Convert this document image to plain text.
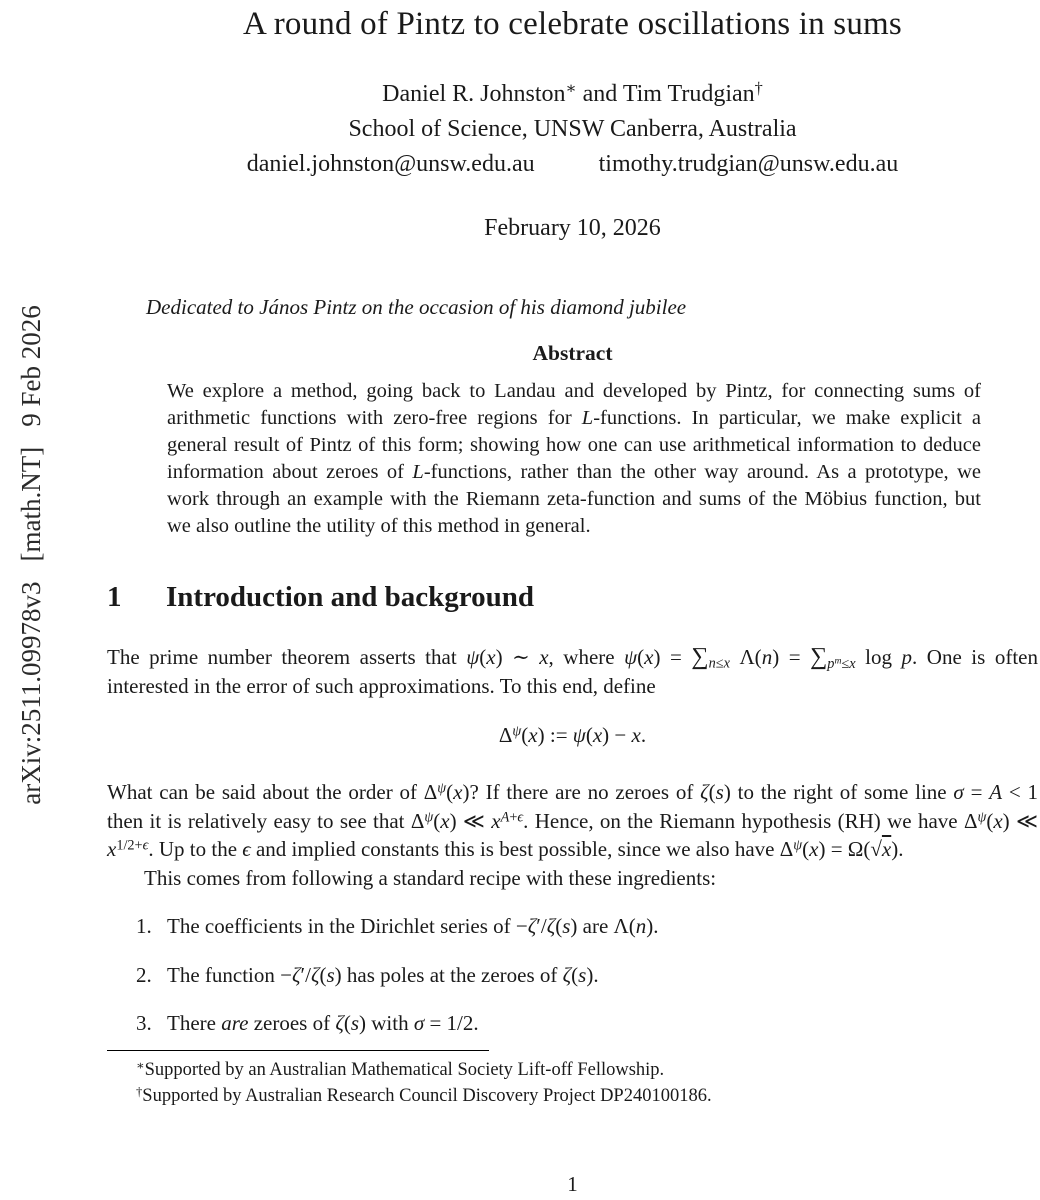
arXiv:2511.09978v3
[math.NT]
9 Feb 2026
A round of Pintz to celebrate oscillations in sums
Daniel R. Johnston∗ and Tim Trudgian†
School of Science, UNSW Canberra, Australia
daniel.johnston@unsw.edu.au	timothy.trudgian@unsw.edu.au
February 10, 2026
Dedicated to János Pintz on the occasion of his diamond jubilee
Abstract
We explore a method, going back to Landau and developed by Pintz, for connecting sums of arithmetic functions with zero-free regions for L-functions. In particular, we make explicit a general result of Pintz of this form; showing how one can use arithmetical information to deduce information about zeroes of L-functions, rather than the other way around. As a prototype, we work through an example with the Riemann zeta-function and sums of the Möbius function, but we also outline the utility of this method in general.
1	Introduction and background

The prime number theorem asserts that ψ(x) ∼ x, where $\psi(x) = \sum_{n\le x}$ $\Lambda(n) = \sum_{p^m\le x}$ log p. One is often interested in the error of such approximations. To this end, define

$\Delta^\psi(x)$ := ψ(x) − x.

What can be said about the order of $\Delta^\psi(x)$? If there are no zeroes of ζ(s) to the right of some line σ = A < 1 then it is relatively easy to see that $\Delta^\psi(x)$ ≪ $x^{A+\epsilon}$. Hence, on the Riemann hypothesis (RH) we have $\Delta^\psi(x)$ ≪ $x^{1/2+\epsilon}$. Up to the ϵ and implied constants this is best possible, since we also have $\Delta^\psi(x) = \Omega(√x)$.

This comes from following a standard recipe with these ingredients:

1. The coefficients in the Dirichlet series of −ζ′/ζ(s) are Λ(n).
2. The function −ζ′/ζ(s) has poles at the zeroes of ζ(s).
3. There are zeroes of ζ(s) with σ = 1/2.

∗Supported by an Australian Mathematical Society Lift-off Fellowship.

†Supported by Australian Research Council Discovery Project DP240100186.

1
